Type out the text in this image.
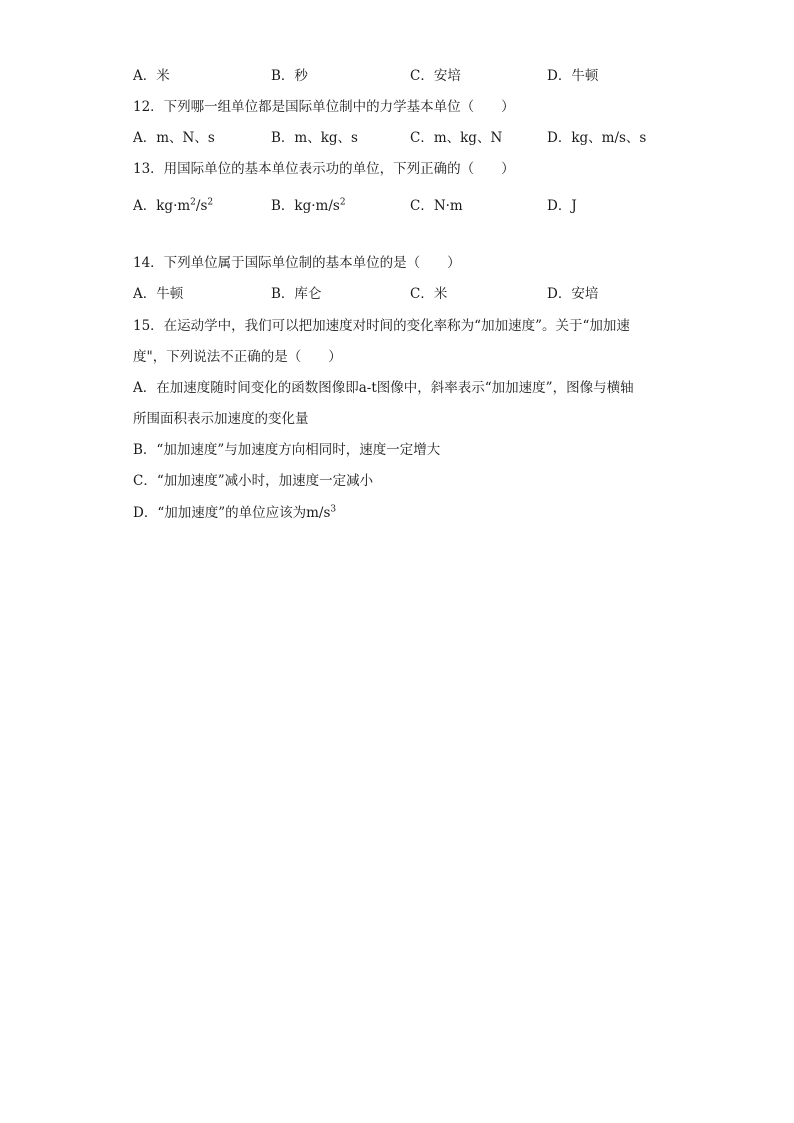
A．米	B．秒	C．安培	D．牛顿
12．下列哪一组单位都是国际单位制中的力学基本单位（　　）
A．m、N、s	B．m、kg、s	C．m、kg、N	D．kg、m/s、s
13．用国际单位的基本单位表示功的单位，下列正确的（　　）
A．$kg\cdot m^2/s^2$	B．$kg\cdot m/s^2$	C．N·m	D．J
14．下列单位属于国际单位制的基本单位的是（　　）
A．牛顿	B．库仑	C．米	D．安培
15．在运动学中，我们可以把加速度对时间的变化率称为“加加速度”。关于“加加速
度"，下列说法不正确的是（　　）
A．在加速度随时间变化的函数图像即a-t图像中，斜率表示“加加速度”，图像与横轴
所围面积表示加速度的变化量
B．“加加速度”与加速度方向相同时，速度一定增大
C．“加加速度”减小时，加速度一定减小
D．“加加速度”的单位应该为$m/s^3$
